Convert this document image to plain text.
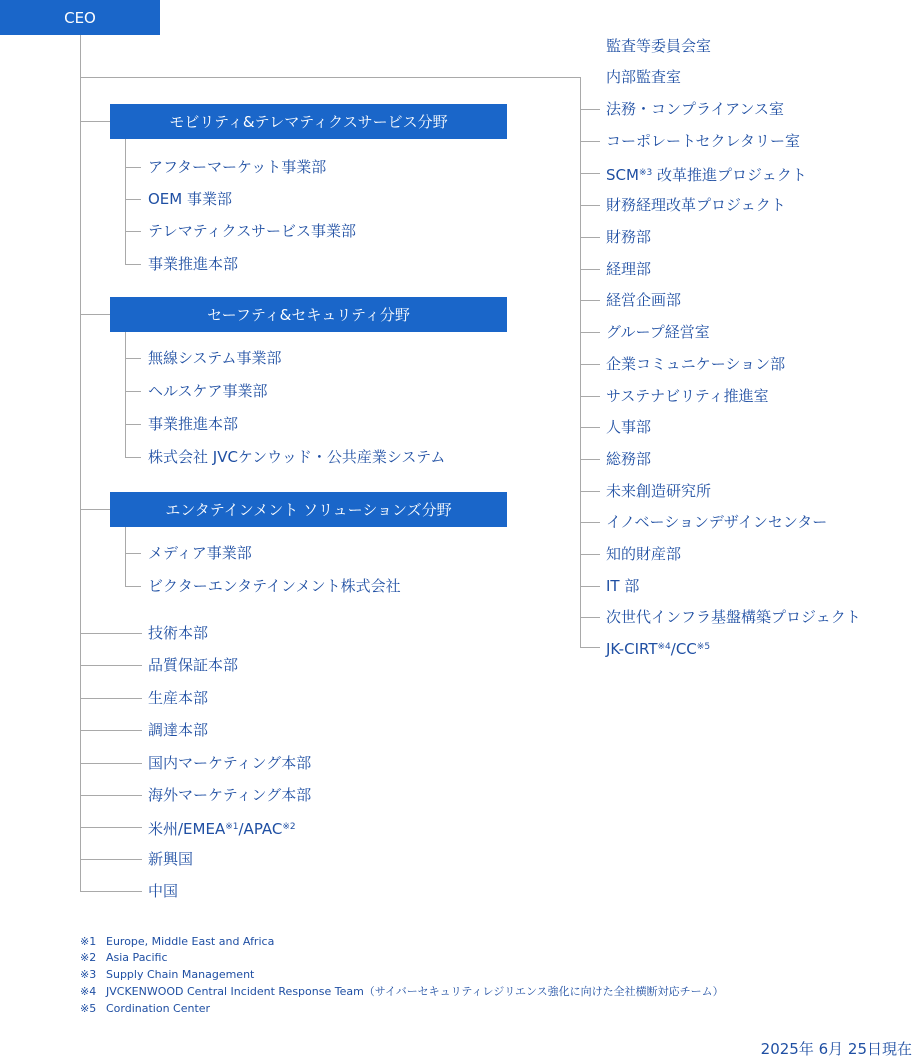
CEO
監査等委員会室
内部監査室
法務・コンプライアンス室
コーポレートセクレタリー室
SCM$^{※3}$ 改革推進プロジェクト
財務経理改革プロジェクト
財務部
経理部
経営企画部
グループ経営室
企業コミュニケーション部
サステナビリティ推進室
人事部
総務部
未来創造研究所
イノベーションデザインセンター
知的財産部
IT 部
次世代インフラ基盤構築プロジェクト
JK-CIRT$^{※4}$/CC$^{※5}$
モビリティ&テレマティクスサービス分野
アフターマーケット事業部
OEM 事業部
テレマティクスサービス事業部
事業推進本部
セーフティ&セキュリティ分野
無線システム事業部
ヘルスケア事業部
事業推進本部
株式会社 JVCケンウッド・公共産業システム
エンタテインメント ソリューションズ分野
メディア事業部
ビクターエンタテインメント株式会社
技術本部
品質保証本部
生産本部
調達本部
国内マーケティング本部
海外マーケティング本部
米州/EMEA$^{※1}$/APAC$^{※2}$
新興国
中国
※1 Europe, Middle East and Africa
※2 Asia Pacific
※3 Supply Chain Management
※4 JVCKENWOOD Central Incident Response Team（サイバーセキュリティレジリエンス強化に向けた全社横断対応チーム）
※5 Cordination Center
2025年 6月 25日現在
